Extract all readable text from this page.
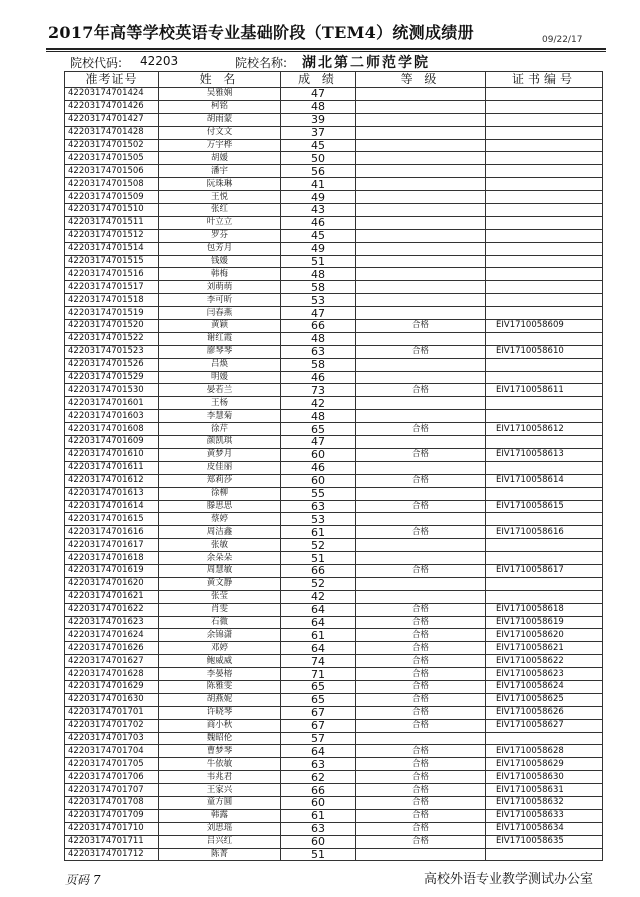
2017年高等学校英语专业基础阶段（TEM4）统测成绩册	09/22/17
院校代码: 42203	院校名称: 湖北第二师范学院
准考证号	姓 名	成 绩	等 级	证书编号
42203174701424	吴雅娴	47		
42203174701426	柯铭	48		
42203174701427	胡雨蒙	39		
42203174701428	付文文	37		
42203174701502	万宇桦	45		
42203174701505	胡媛	50		
42203174701506	潘宇	56		
42203174701508	阮珠琳	41		
42203174701509	王悦	49		
42203174701510	张红	43		
42203174701511	叶立立	46		
42203174701512	罗芬	45		
42203174701514	包芳月	49		
42203174701515	钱媛	51		
42203174701516	韩梅	48		
42203174701517	刘萌萌	58		
42203174701518	李可昕	53		
42203174701519	闫春燕	47		
42203174701520	黄颖	66	合格	EIV1710058609
42203174701522	谢红霞	48		
42203174701523	廖琴琴	63	合格	EIV1710058610
42203174701526	吕焕	58		
42203174701529	明媛	46		
42203174701530	晏若兰	73	合格	EIV1710058611
42203174701601	王杨	42		
42203174701603	李慧菊	48		
42203174701608	徐芹	65	合格	EIV1710058612
42203174701609	颜凯琪	47		
42203174701610	黄梦月	60	合格	EIV1710058613
42203174701611	皮佳丽	46		
42203174701612	郑莉莎	60	合格	EIV1710058614
42203174701613	徐柳	55		
42203174701614	滕思思	63	合格	EIV1710058615
42203174701615	蔡婷	53		
42203174701616	周洁鑫	61	合格	EIV1710058616
42203174701617	张敏	52		
42203174701618	余朵朵	51		
42203174701619	周慧敏	66	合格	EIV1710058617
42203174701620	黄文静	52		
42203174701621	张莹	42		
42203174701622	肖雯	64	合格	EIV1710058618
42203174701623	石微	64	合格	EIV1710058619
42203174701624	余锦潇	61	合格	EIV1710058620
42203174701626	邓婷	64	合格	EIV1710058621
42203174701627	鲍威威	74	合格	EIV1710058622
42203174701628	李晏榕	71	合格	EIV1710058623
42203174701629	陈雅雯	65	合格	EIV1710058624
42203174701630	胡燕妮	65	合格	EIV1710058625
42203174701701	许晓琴	67	合格	EIV1710058626
42203174701702	商小秋	67	合格	EIV1710058627
42203174701703	魏昭伦	57		
42203174701704	曹梦琴	64	合格	EIV1710058628
42203174701705	牛依敏	63	合格	EIV1710058629
42203174701706	韦兆君	62	合格	EIV1710058630
42203174701707	王家兴	66	合格	EIV1710058631
42203174701708	童方圆	60	合格	EIV1710058632
42203174701709	韩露	61	合格	EIV1710058633
42203174701710	刘思瑶	63	合格	EIV1710058634
42203174701711	吕兴红	60	合格	EIV1710058635
42203174701712	陈菁	51		
页码 7	高校外语专业教学测试办公室
